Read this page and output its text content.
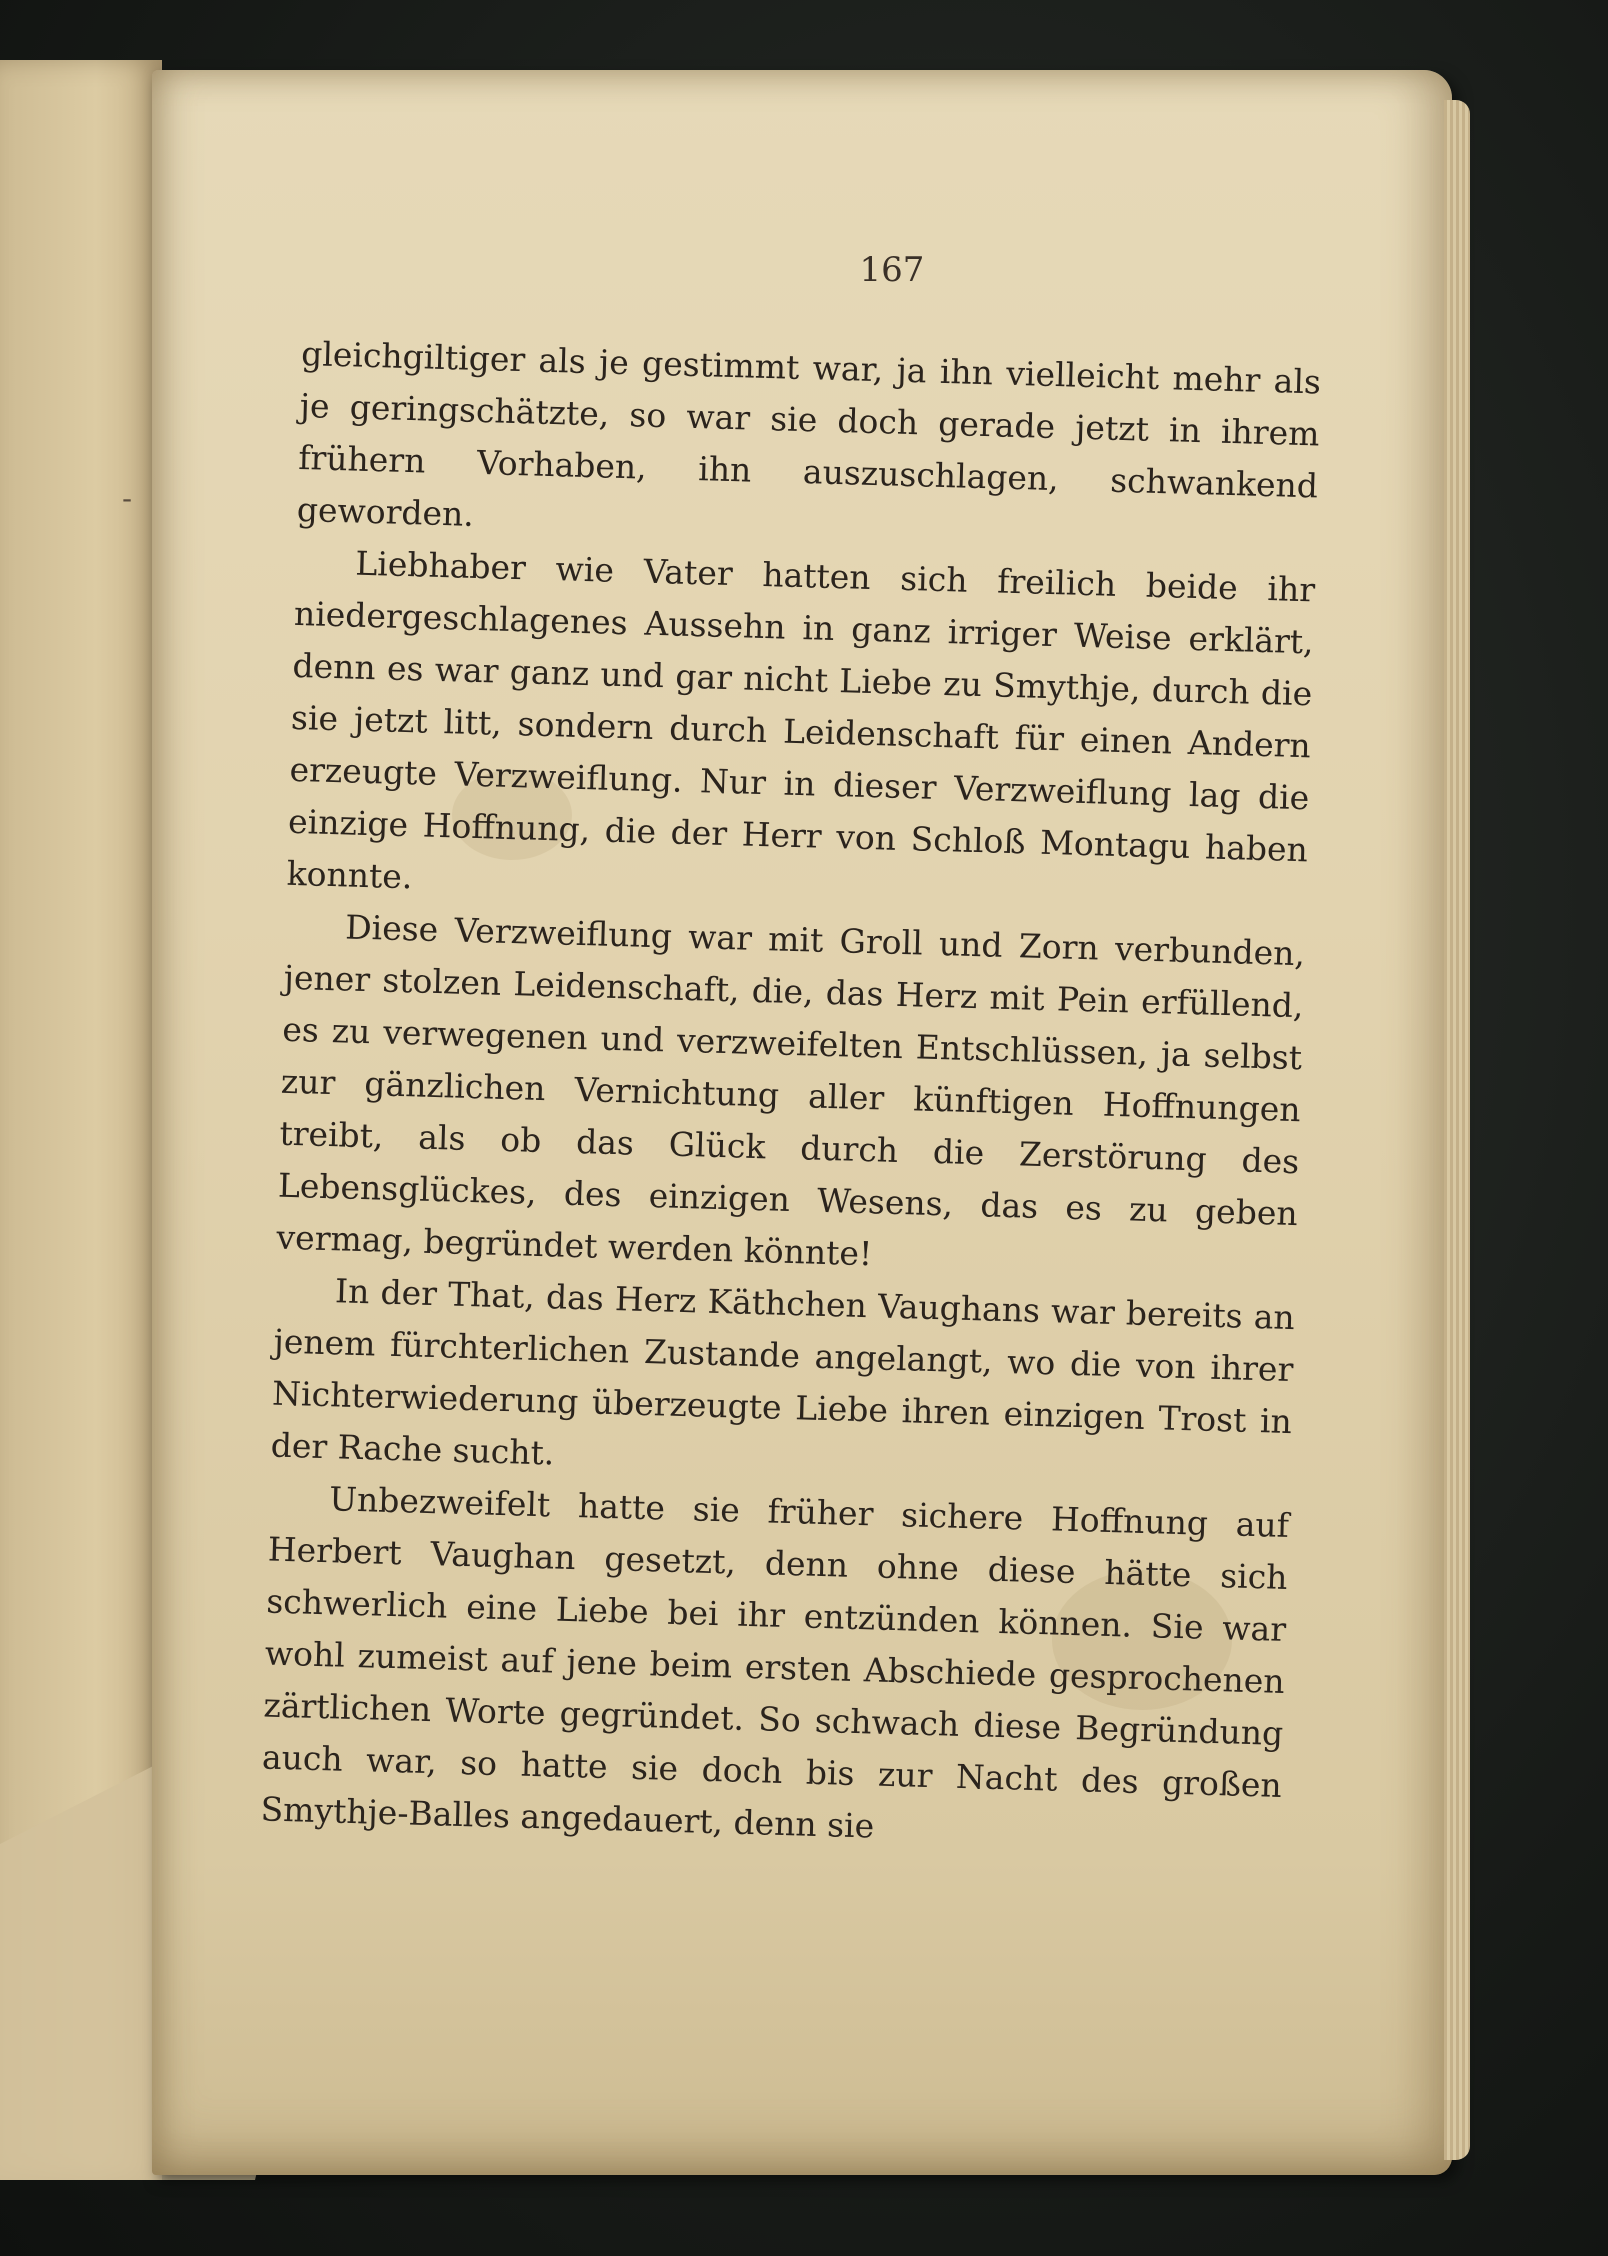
167
-

gleichgiltiger als je gestimmt war, ja ihn vielleicht mehr als je geringschätzte, so war sie doch gerade jetzt in ihrem frühern Vorhaben, ihn auszuschlagen, schwankend geworden.

Liebhaber wie Vater hatten sich freilich beide ihr niedergeschlagenes Aussehn in ganz irriger Weise erklärt, denn es war ganz und gar nicht Liebe zu Smythje, durch die sie jetzt litt, sondern durch Leidenschaft für einen Andern erzeugte Verzweiflung. Nur in dieser Verzweiflung lag die einzige Hoffnung, die der Herr von Schloß Montagu haben konnte.

Diese Verzweiflung war mit Groll und Zorn verbunden, jener stolzen Leidenschaft, die, das Herz mit Pein erfüllend, es zu verwegenen und verzweifelten Entschlüssen, ja selbst zur gänzlichen Vernichtung aller künftigen Hoffnungen treibt, als ob das Glück durch die Zerstörung des Lebensglückes, des einzigen Wesens, das es zu geben vermag, begründet werden könnte!

In der That, das Herz Käthchen Vaughans war bereits an jenem fürchterlichen Zustande angelangt, wo die von ihrer Nichterwiederung überzeugte Liebe ihren einzigen Trost in der Rache sucht.

Unbezweifelt hatte sie früher sichere Hoffnung auf Herbert Vaughan gesetzt, denn ohne diese hätte sich schwerlich eine Liebe bei ihr entzünden können. Sie war wohl zumeist auf jene beim ersten Abschiede gesprochenen zärtlichen Worte gegründet. So schwach diese Begründung auch war, so hatte sie doch bis zur Nacht des großen Smythje-Balles angedauert, denn sie
